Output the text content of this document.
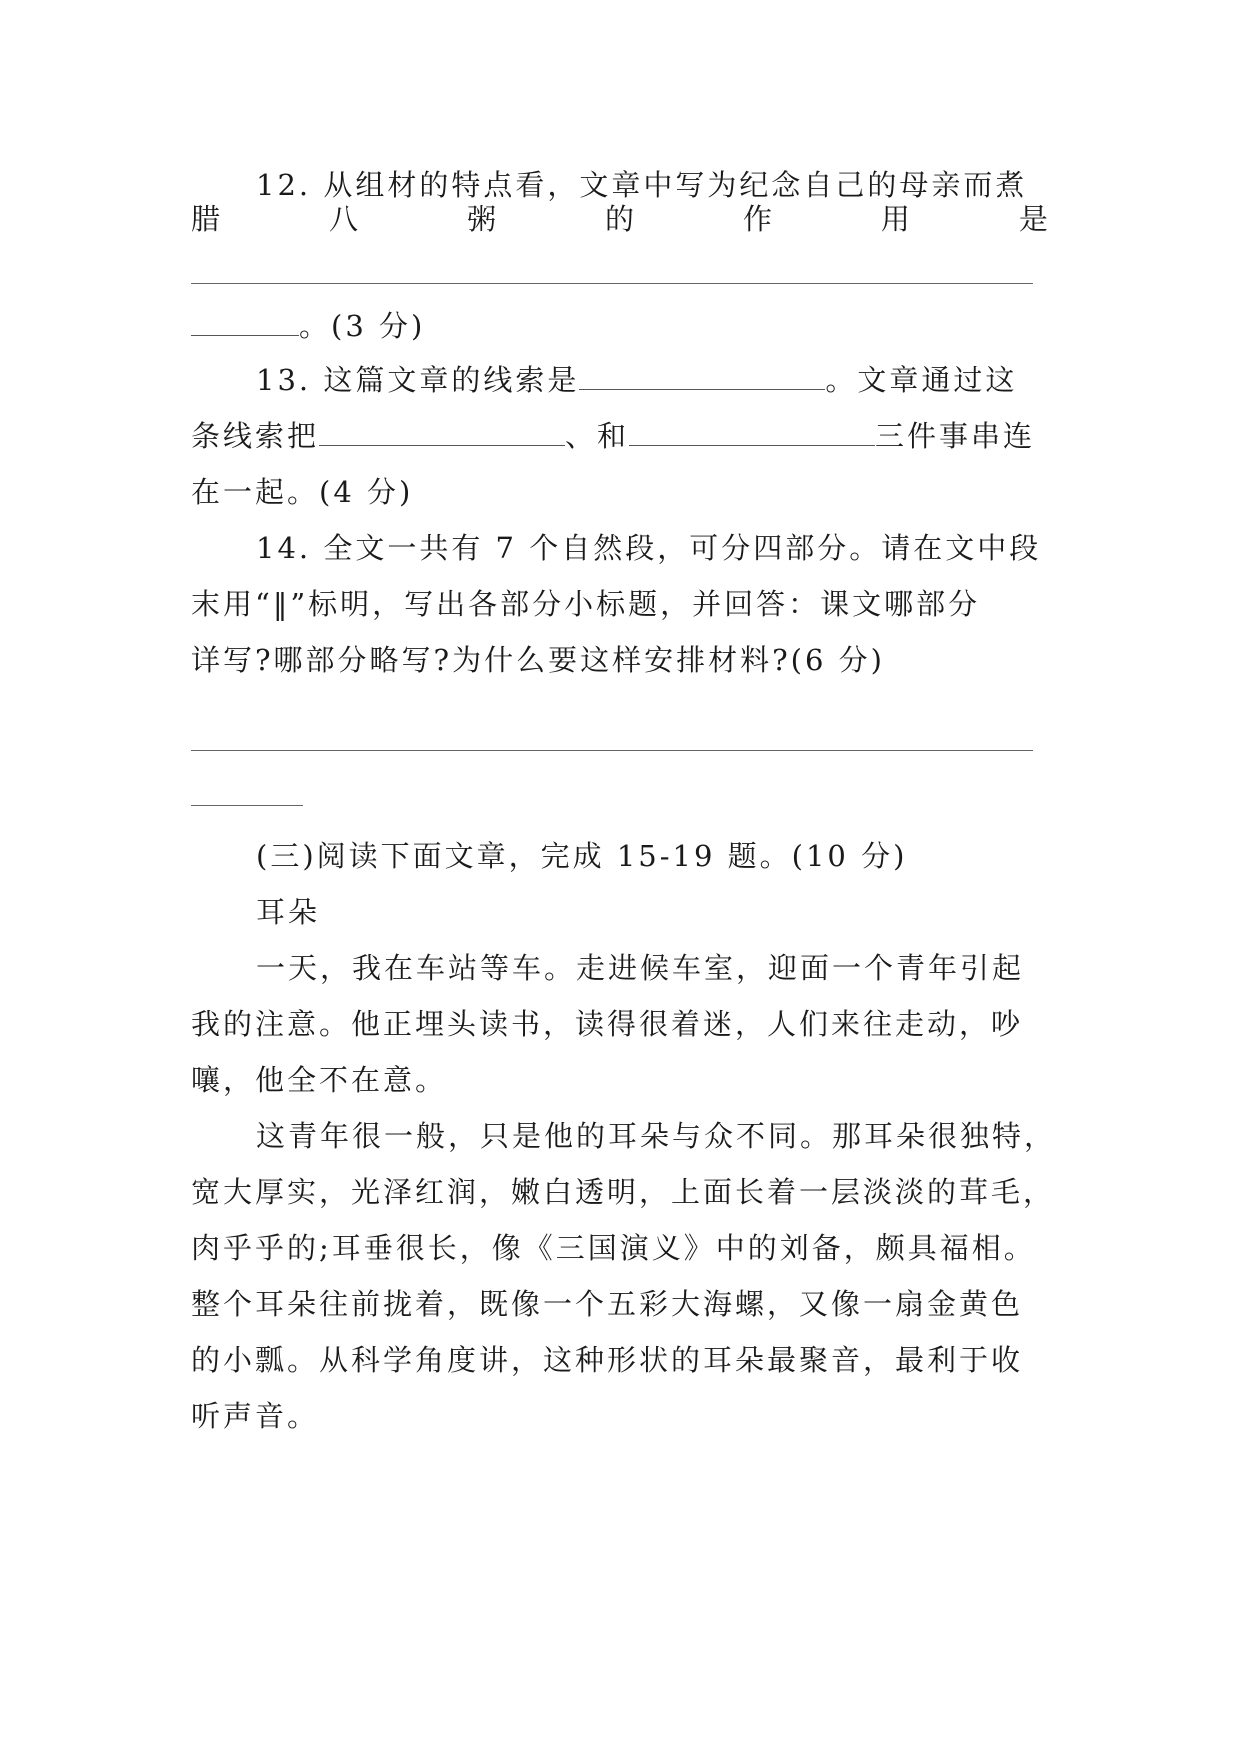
12. 从组材的特点看，文章中写为纪念自己的母亲而煮
腊	八	粥	的	作	用	是
。(3 分)
13. 这篇文章的线索是	。文章通过这
条线索把	、和	三件事串连
在一起。(4 分)
14. 全文一共有 7 个自然段，可分四部分。请在文中段
末用“‖”标明，写出各部分小标题，并回答：课文哪部分
详写?哪部分略写?为什么要这样安排材料?(6 分)
(三)阅读下面文章，完成 15-19 题。(10 分)
耳朵
一天，我在车站等车。走进候车室，迎面一个青年引起
我的注意。他正埋头读书，读得很着迷，人们来往走动，吵
嚷，他全不在意。
这青年很一般，只是他的耳朵与众不同。那耳朵很独特，
宽大厚实，光泽红润，嫩白透明，上面长着一层淡淡的茸毛，
肉乎乎的;耳垂很长，像《三国演义》中的刘备，颇具福相。
整个耳朵往前拢着，既像一个五彩大海螺，又像一扇金黄色
的小瓢。从科学角度讲，这种形状的耳朵最聚音，最利于收
听声音。
